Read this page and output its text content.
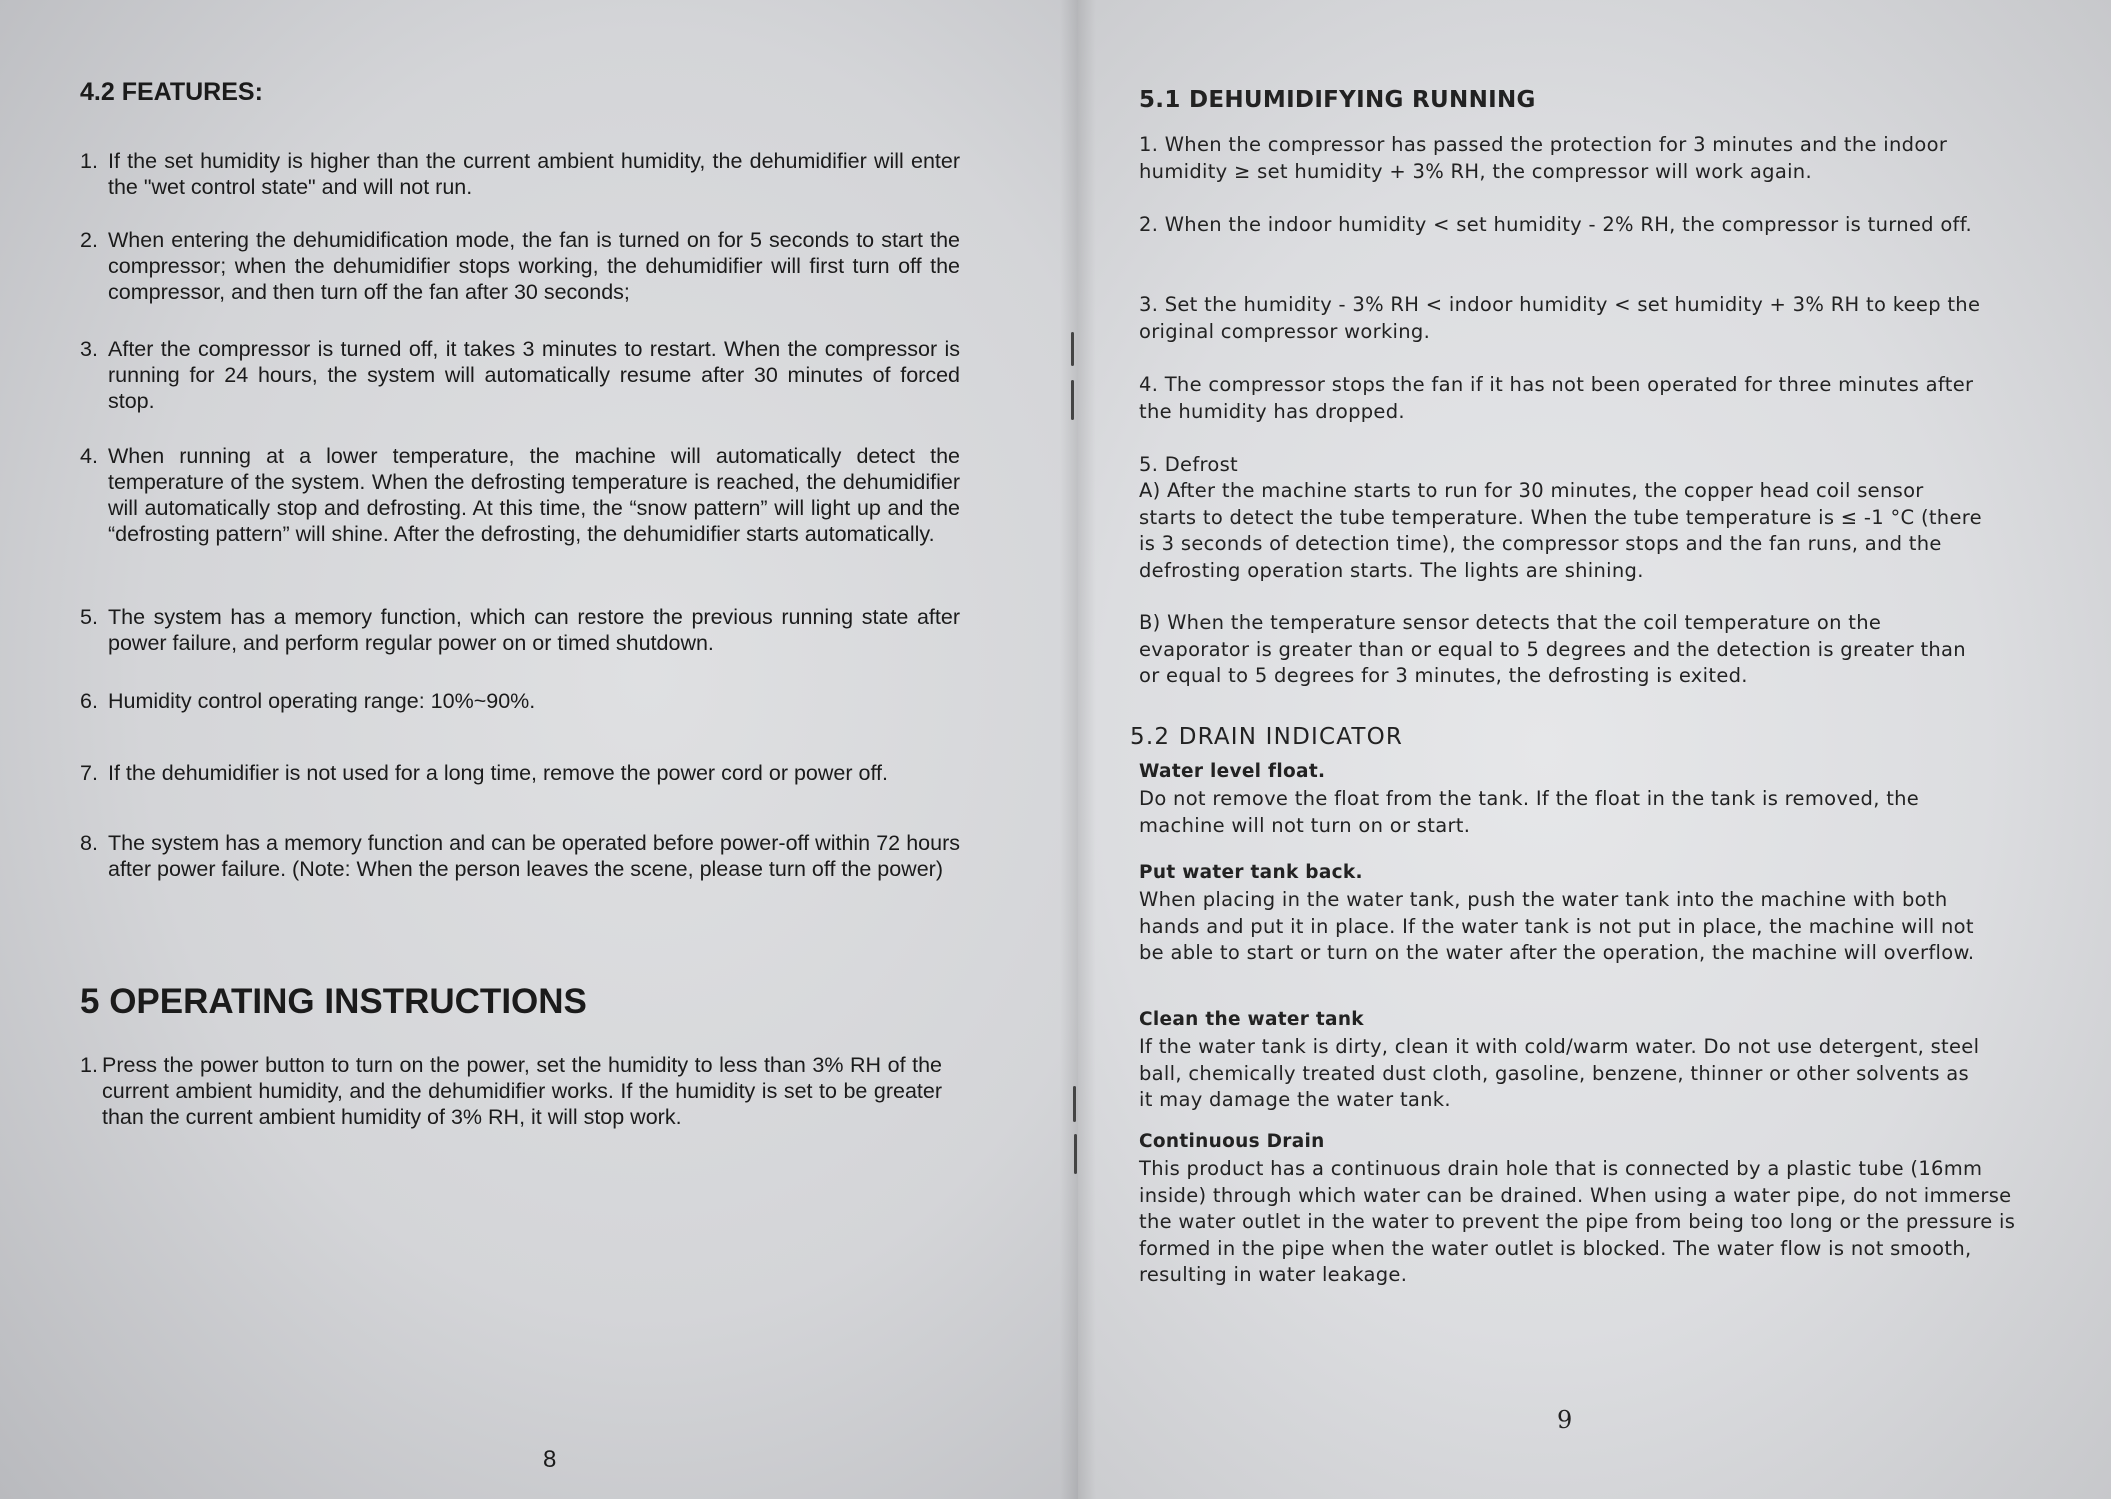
4.2 FEATURES:
1. If the set humidity is higher than the current ambient humidity, the dehumidifier will enter the "wet control state" and will not run.
2. When entering the dehumidification mode, the fan is turned on for 5 seconds to start the compressor; when the dehumidifier stops working, the dehumidifier will first turn off the compressor, and then turn off the fan after 30 seconds;
3. After the compressor is turned off, it takes 3 minutes to restart. When the compressor is running for 24 hours, the system will automatically resume after 30 minutes of forced stop.
4. When running at a lower temperature, the machine will automatically detect the temperature of the system. When the defrosting temperature is reached, the dehumidifier will automatically stop and defrosting. At this time, the “snow pattern” will light up and the “defrosting pattern” will shine. After the defrosting, the dehumidifier starts automatically.
5. The system has a memory function, which can restore the previous running state after power failure, and perform regular power on or timed shutdown.
6. Humidity control operating range: 10%~90%.
7. If the dehumidifier is not used for a long time, remove the power cord or power off.
8. The system has a memory function and can be operated before power-off within 72 hours after power failure. (Note: When the person leaves the scene, please turn off the power)
5 OPERATING INSTRUCTIONS
1. Press the power button to turn on the power, set the humidity to less than 3% RH of the current ambient humidity, and the dehumidifier works. If the humidity is set to be greater than the current ambient humidity of 3% RH, it will stop work.
8
5.1 DEHUMIDIFYING RUNNING
1. When the compressor has passed the protection for 3 minutes and the indoor humidity ≥ set humidity + 3% RH, the compressor will work again.
2. When the indoor humidity < set humidity - 2% RH, the compressor is turned off.
3. Set the humidity - 3% RH < indoor humidity < set humidity + 3% RH to keep the original compressor working.
4. The compressor stops the fan if it has not been operated for three minutes after the humidity has dropped.
5. Defrost
A) After the machine starts to run for 30 minutes, the copper head coil sensor starts to detect the tube temperature. When the tube temperature is ≤ -1 °C (there is 3 seconds of detection time), the compressor stops and the fan runs, and the defrosting operation starts. The lights are shining.
B) When the temperature sensor detects that the coil temperature on the evaporator is greater than or equal to 5 degrees and the detection is greater than or equal to 5 degrees for 3 minutes, the defrosting is exited.
5.2 DRAIN INDICATOR
Water level float.
Do not remove the float from the tank. If the float in the tank is removed, the machine will not turn on or start.
Put water tank back.
When placing in the water tank, push the water tank into the machine with both hands and put it in place. If the water tank is not put in place, the machine will not be able to start or turn on the water after the operation, the machine will overflow.
Clean the water tank
If the water tank is dirty, clean it with cold/warm water. Do not use detergent, steel ball, chemically treated dust cloth, gasoline, benzene, thinner or other solvents as it may damage the water tank.
Continuous Drain
This product has a continuous drain hole that is connected by a plastic tube (16mm inside) through which water can be drained. When using a water pipe, do not immerse the water outlet in the water to prevent the pipe from being too long or the pressure is formed in the pipe when the water outlet is blocked. The water flow is not smooth, resulting in water leakage.
9
